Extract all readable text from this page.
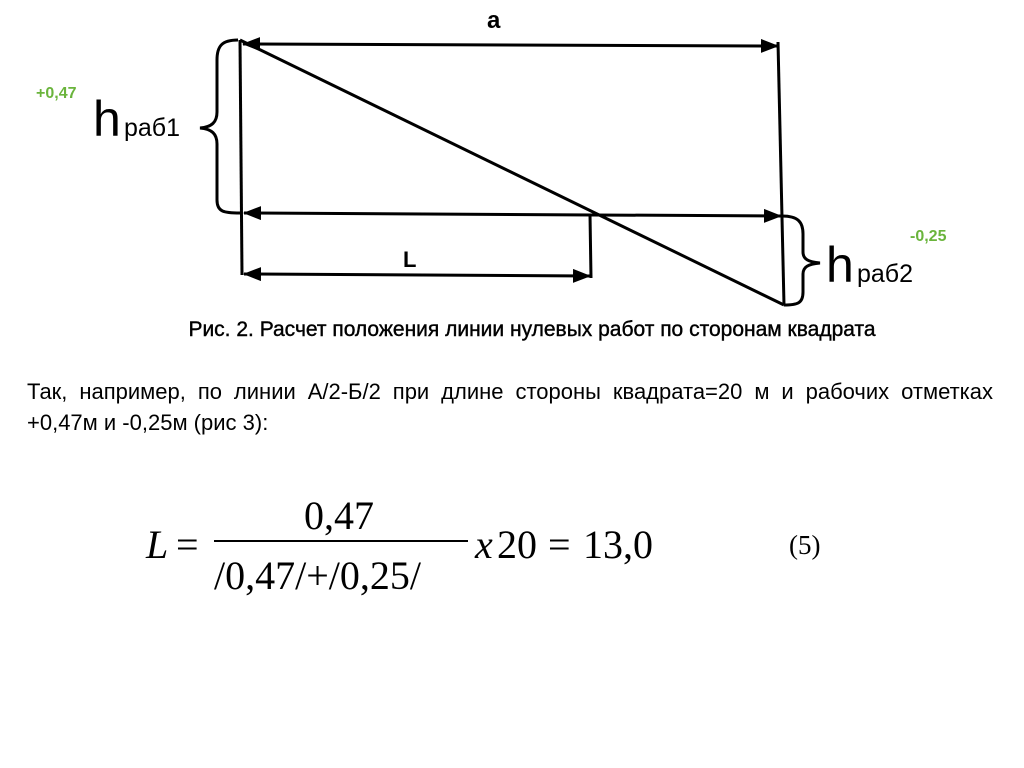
a
L
+0,47
-0,25
h раб1
h раб2
Рис. 2. Расчет положения линии нулевых работ по сторонам квадрата
Так, например, по линии А/2-Б/2 при длине стороны квадрата=20 м и рабочих отметках +0,47м и -0,25м (рис 3):
L =
0,47
/0,47/+/0,25/
x 20 = 13,0	(5)
